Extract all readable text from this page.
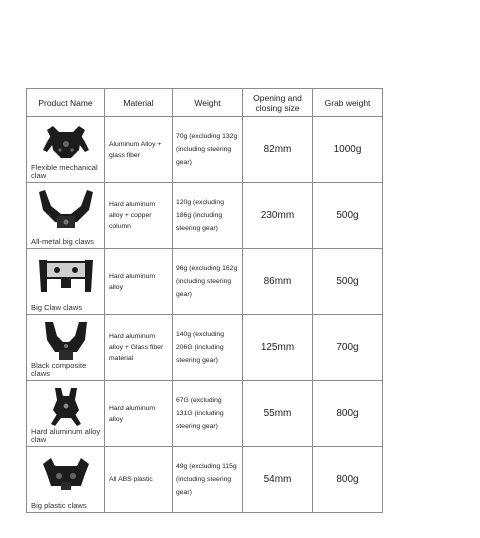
Product Name	Material	Weight	Opening and closing size	Grab weight

Flexible mechanical claw	Aluminum Alloy + glass fiber	70g (excluding 132g (including steering gear)	82mm	1000g

All-metal big claws	Hard aluminum alloy + copper column	120g (excluding 186g (including steering gear)	230mm	500g

Big Claw claws	Hard aluminum alloy	96g (excluding 162g (including steering gear)	86mm	500g

Black composite claws	Hard aluminum alloy + Glass fiber material	140g (excluding 206G (including steering gear)	125mm	700g

Hard aluminum alloy claw	Hard aluminum alloy	67G (excluding 131G (including steering gear)	55mm	800g

Big plastic claws	All ABS plastic	49g (excluding 115g (including steering gear)	54mm	800g
